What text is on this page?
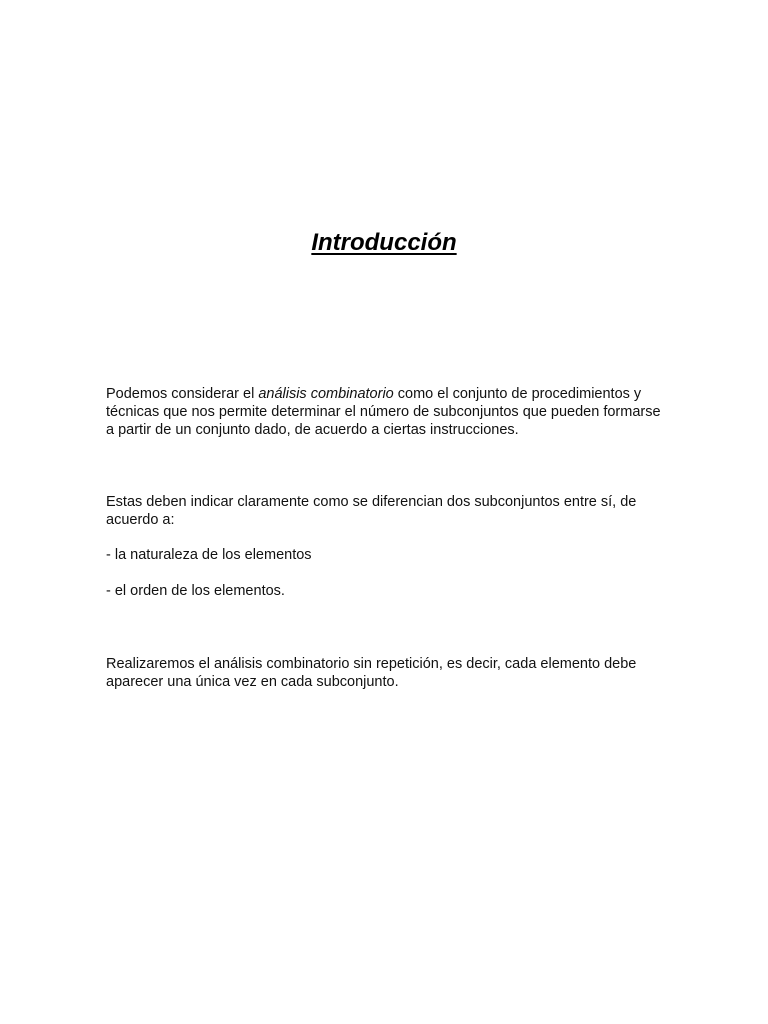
Introducción

Podemos considerar el análisis combinatorio como el conjunto de procedimientos y técnicas que nos permite determinar el número de subconjuntos que pueden formarse a partir de un conjunto dado, de acuerdo a ciertas instrucciones.

Estas deben indicar claramente como se diferencian dos subconjuntos entre sí, de acuerdo a:

- la naturaleza de los elementos

- el orden de los elementos.

Realizaremos el análisis combinatorio sin repetición, es decir, cada elemento debe aparecer una única vez en cada subconjunto.
